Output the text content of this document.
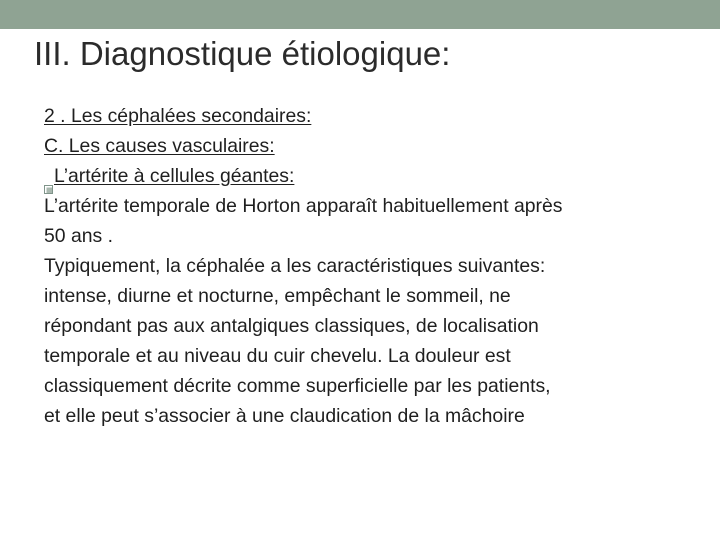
III. Diagnostique étiologique:
2 . Les céphalées secondaires:
C. Les causes vasculaires:
L’artérite à cellules géantes:
L’artérite temporale de Horton apparaît habituellement après
50 ans .
Typiquement, la céphalée a les caractéristiques suivantes:
intense, diurne et nocturne, empêchant le sommeil, ne
répondant pas aux antalgiques classiques, de localisation
temporale et au niveau du cuir chevelu. La douleur est
classiquement décrite comme superficielle par les patients,
et elle peut s’associer à une claudication de la mâchoire
